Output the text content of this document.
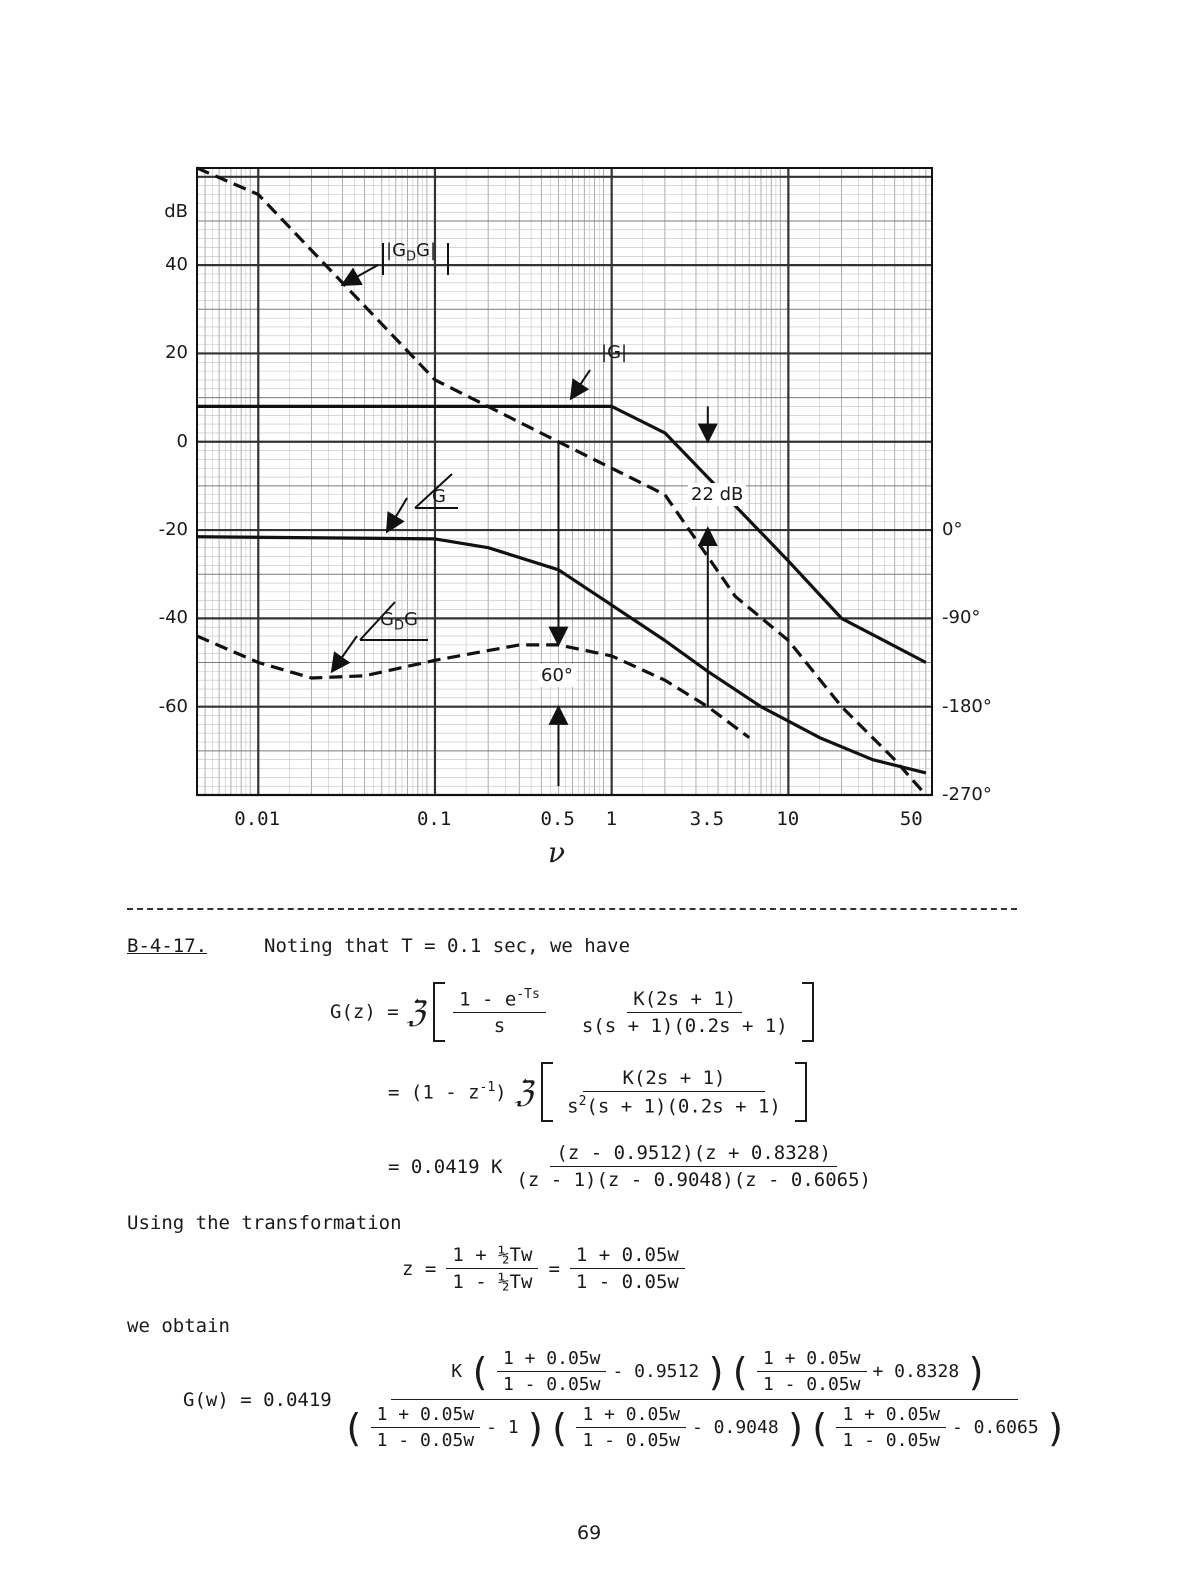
dB
40
20
0
-20
-40
-60
0.01	0.1	0.5 1	3.5	10	50
0°
-90°
-180°
-270°
ν
$|G_DG|$
|G|
G
$G_DG$
22 dB
60°
B-4-17.	Noting that T = 0.1 sec, we have
G(z) = ℨ $\frac{1 - e^{-Ts}}{s} \frac{K(2s + 1)}{s(s + 1)(0.2s + 1)}$
= $(1 - z^{-1})$ ℨ $\frac{K(2s + 1)}{s^2(s + 1)(0.2s + 1)}$
= 0.0419 K $\frac{(z - 0.9512)(z + 0.8328)}{(z - 1)(z - 0.9048)(z - 0.6065)}$
Using the transformation
$z = \frac{\text{1 + ½Tw}}{\text{1 - ½Tw}} = \frac{1 + 0.05w}{1 - 0.05w}$
we obtain
G(w) = 0.0419
K ( $\frac{1 + 0.05w}{1 - 0.05w} - 0.9512$ )( $\frac{1 + 0.05w}{1 - 0.05w} + 0.8328$ )
( $\frac{1 + 0.05w}{1 - 0.05w} - 1$ )( $\frac{1 + 0.05w}{1 - 0.05w} - 0.9048$ )( $\frac{1 + 0.05w}{1 - 0.05w} - 0.6065$ )
69
